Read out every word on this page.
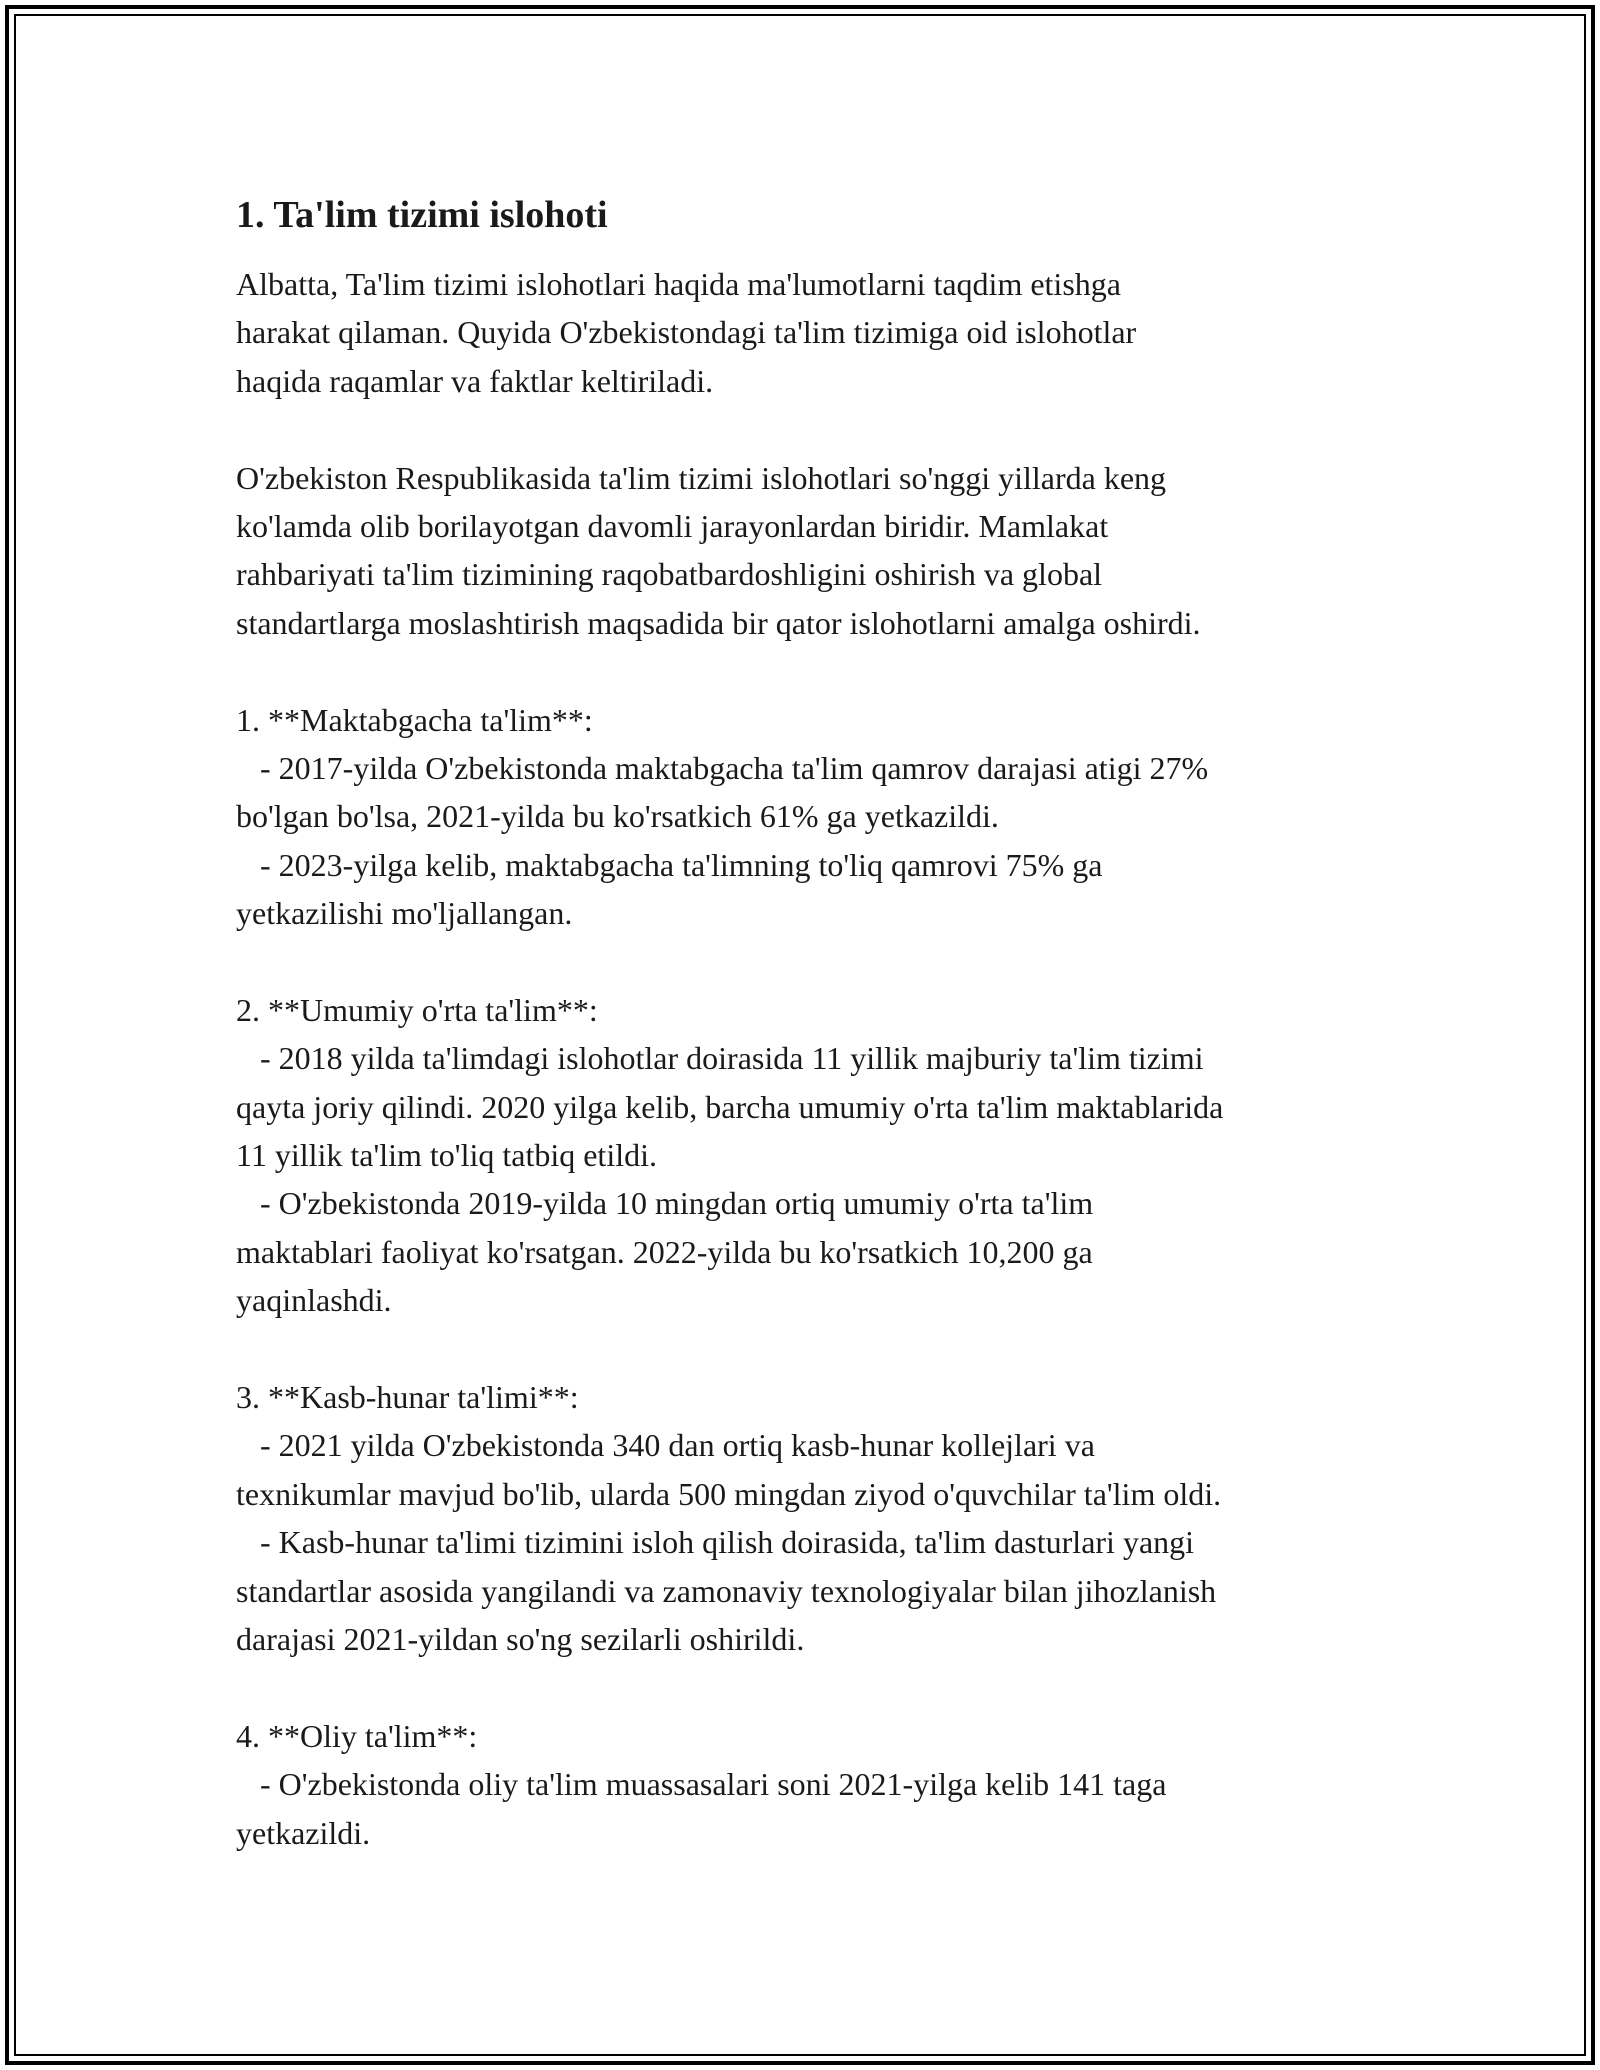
1. Ta'lim tizimi islohoti
Albatta, Ta'lim tizimi islohotlari haqida ma'lumotlarni taqdim etishga
harakat qilaman. Quyida O'zbekistondagi ta'lim tizimiga oid islohotlar
haqida raqamlar va faktlar keltiriladi.
O'zbekiston Respublikasida ta'lim tizimi islohotlari so'nggi yillarda keng
ko'lamda olib borilayotgan davomli jarayonlardan biridir. Mamlakat
rahbariyati ta'lim tizimining raqobatbardoshligini oshirish va global
standartlarga moslashtirish maqsadida bir qator islohotlarni amalga oshirdi.
1. **Maktabgacha ta'lim**:
- 2017-yilda O'zbekistonda maktabgacha ta'lim qamrov darajasi atigi 27%
bo'lgan bo'lsa, 2021-yilda bu ko'rsatkich 61% ga yetkazildi.
- 2023-yilga kelib, maktabgacha ta'limning to'liq qamrovi 75% ga
yetkazilishi mo'ljallangan.
2. **Umumiy o'rta ta'lim**:
- 2018 yilda ta'limdagi islohotlar doirasida 11 yillik majburiy ta'lim tizimi
qayta joriy qilindi. 2020 yilga kelib, barcha umumiy o'rta ta'lim maktablarida
11 yillik ta'lim to'liq tatbiq etildi.
- O'zbekistonda 2019-yilda 10 mingdan ortiq umumiy o'rta ta'lim
maktablari faoliyat ko'rsatgan. 2022-yilda bu ko'rsatkich 10,200 ga
yaqinlashdi.
3. **Kasb-hunar ta'limi**:
- 2021 yilda O'zbekistonda 340 dan ortiq kasb-hunar kollejlari va
texnikumlar mavjud bo'lib, ularda 500 mingdan ziyod o'quvchilar ta'lim oldi.
- Kasb-hunar ta'limi tizimini isloh qilish doirasida, ta'lim dasturlari yangi
standartlar asosida yangilandi va zamonaviy texnologiyalar bilan jihozlanish
darajasi 2021-yildan so'ng sezilarli oshirildi.
4. **Oliy ta'lim**:
- O'zbekistonda oliy ta'lim muassasalari soni 2021-yilga kelib 141 taga
yetkazildi.
